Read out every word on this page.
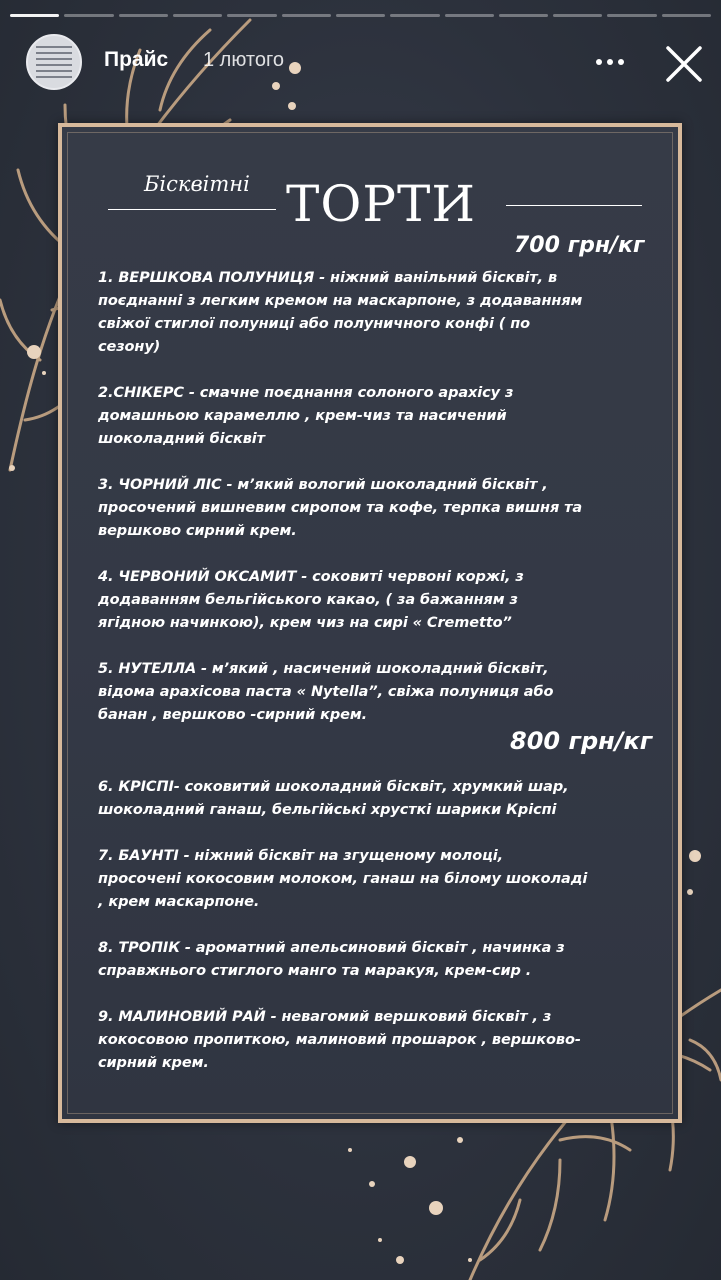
Прайс 1 лютого
Бісквітні ТОРТИ
700 грн/кг
1. ВЕРШКОВА ПОЛУНИЦЯ - ніжний ванільний бісквіт, в поєднанні з легким кремом на маскарпоне, з додаванням свіжої стиглої полуниці або полуничного конфі ( по сезону)
2.СНІКЕРС - смачне поєднання солоного арахісу з домашньою карамеллю , крем-чиз та насичений шоколадний бісквіт
3. ЧОРНИЙ ЛІС - м’який вологий шоколадний бісквіт , просочений вишневим сиропом та кофе, терпка вишня та вершково сирний крем.
4. ЧЕРВОНИЙ ОКСАМИТ - соковиті червоні коржі, з додаванням бельгійського какао, ( за бажанням з ягідною начинкою), крем чиз на сирі « Cremetto”
5. НУТЕЛЛА - м’який , насичений шоколадний бісквіт, відома арахісова паста « Nytella”, свіжа полуниця або банан , вершково -сирний крем.
800 грн/кг
6. КРІСПІ- соковитий шоколадний бісквіт, хрумкий шар, шоколадний ганаш, бельгійські хрусткі шарики Кріспі
7. БАУНТІ - ніжний бісквіт на згущеному молоці, просочені кокосовим молоком, ганаш на білому шоколаді , крем маскарпоне.
8. ТРОПІК - ароматний апельсиновий бісквіт , начинка з справжнього стиглого манго та маракуя, крем-сир .
9. МАЛИНОВИЙ РАЙ - невагомий вершковий бісквіт , з кокосовою пропиткою, малиновий прошарок , вершково-сирний крем.
